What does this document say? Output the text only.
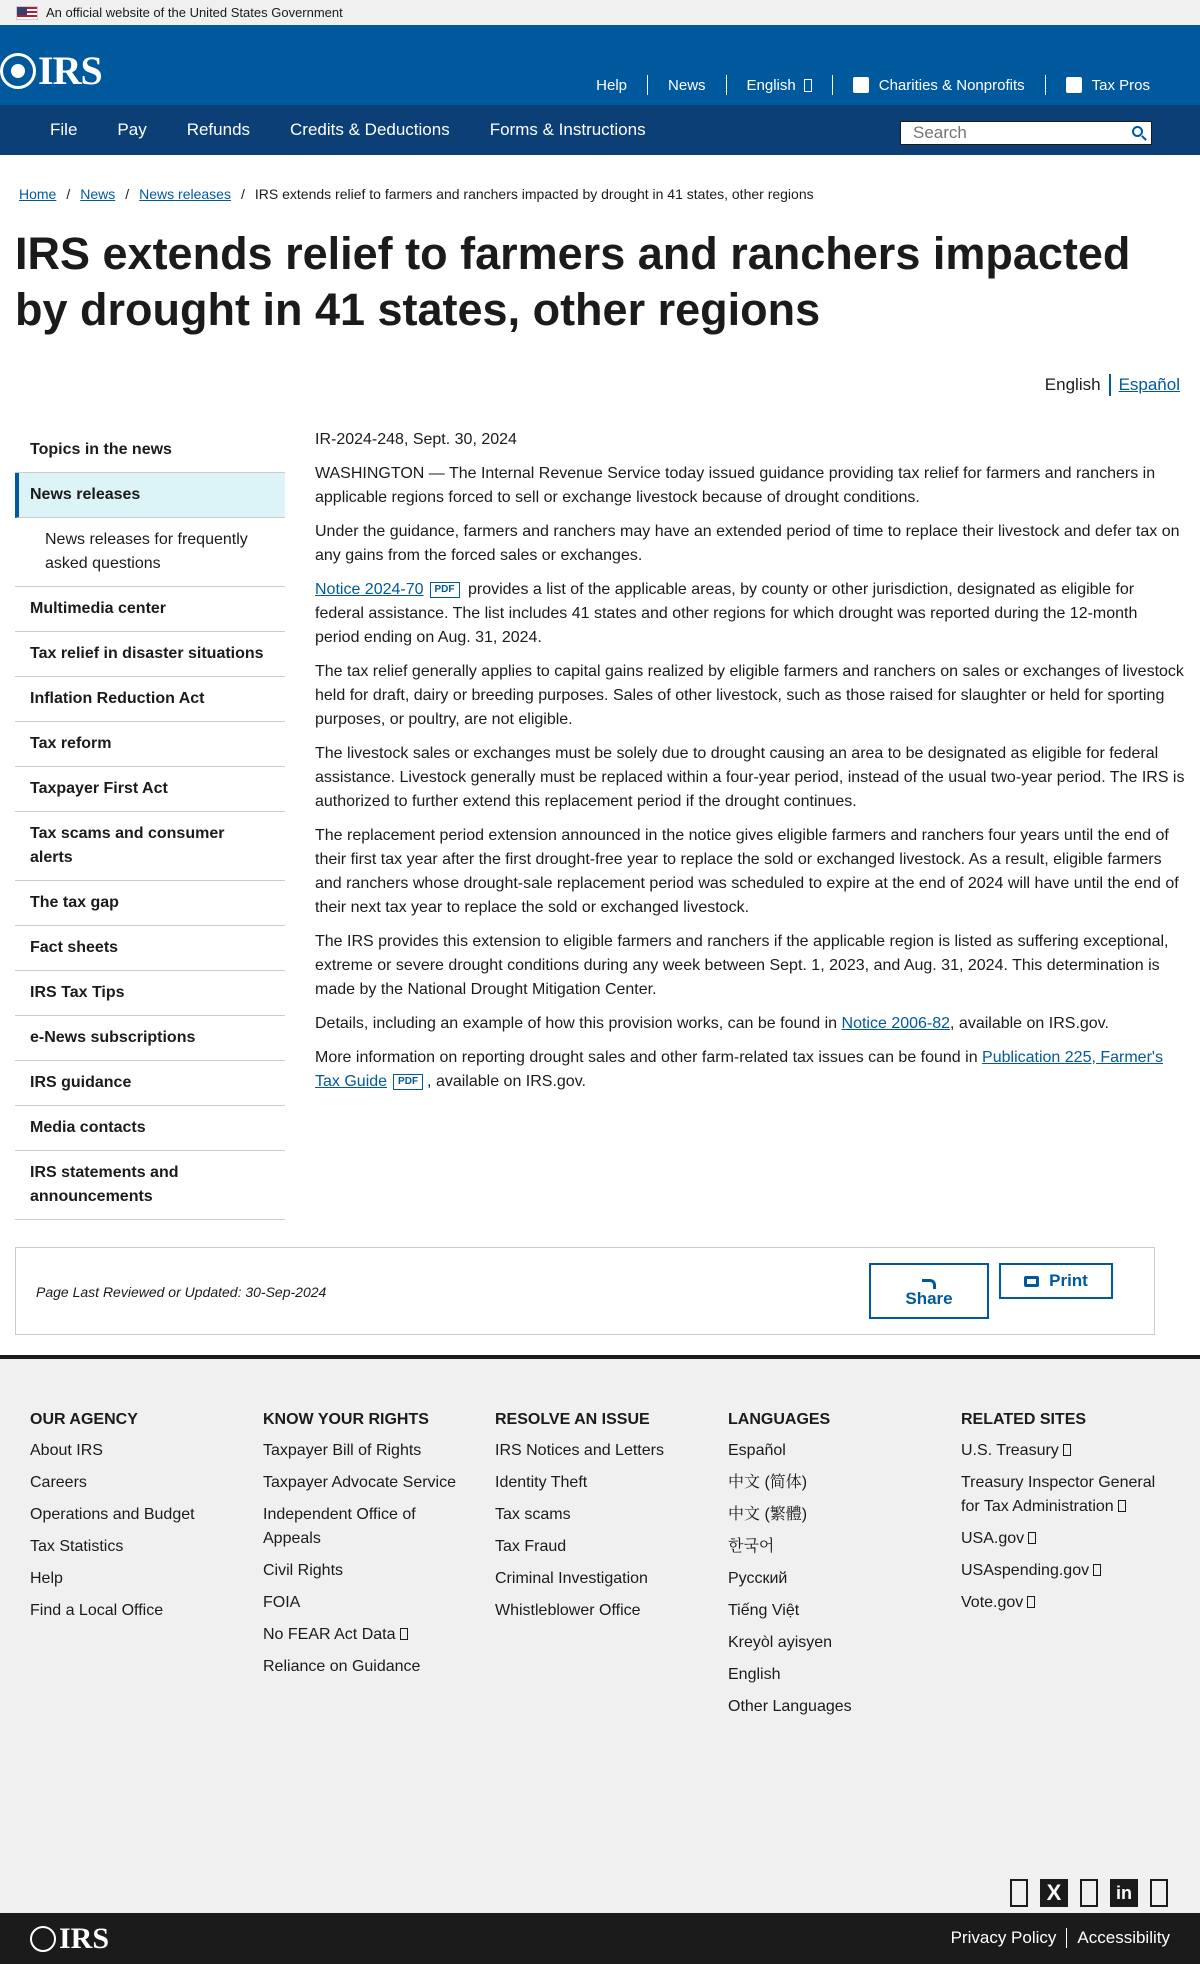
An official website of the United States Government
IRS	Help	News	English	Charities & Nonprofits	Tax Pros
File Pay Refunds Credits & Deductions Forms & Instructions
Search
Home / News / News releases / IRS extends relief to farmers and ranchers impacted by drought in 41 states, other regions
IRS extends relief to farmers and ranchers impacted by drought in 41 states, other regions
English Español
Topics in the news
News releases
News releases for frequently asked questions
Multimedia center
Tax relief in disaster situations
Inflation Reduction Act
Tax reform
Taxpayer First Act
Tax scams and consumer alerts
The tax gap
Fact sheets
IRS Tax Tips
e-News subscriptions
IRS guidance
Media contacts
IRS statements and announcements

IR-2024-248, Sept. 30, 2024

WASHINGTON — The Internal Revenue Service today issued guidance providing tax relief for farmers and ranchers in applicable regions forced to sell or exchange livestock because of drought conditions.

Under the guidance, farmers and ranchers may have an extended period of time to replace their livestock and defer tax on any gains from the forced sales or exchanges.

Notice 2024-70 PDF provides a list of the applicable areas, by county or other jurisdiction, designated as eligible for federal assistance. The list includes 41 states and other regions for which drought was reported during the 12-month period ending on Aug. 31, 2024.

The tax relief generally applies to capital gains realized by eligible farmers and ranchers on sales or exchanges of livestock held for draft, dairy or breeding purposes. Sales of other livestock, such as those raised for slaughter or held for sporting purposes, or poultry, are not eligible.

The livestock sales or exchanges must be solely due to drought causing an area to be designated as eligible for federal assistance. Livestock generally must be replaced within a four-year period, instead of the usual two-year period. The IRS is authorized to further extend this replacement period if the drought continues.

The replacement period extension announced in the notice gives eligible farmers and ranchers four years until the end of their first tax year after the first drought-free year to replace the sold or exchanged livestock. As a result, eligible farmers and ranchers whose drought-sale replacement period was scheduled to expire at the end of 2024 will have until the end of their next tax year to replace the sold or exchanged livestock.

The IRS provides this extension to eligible farmers and ranchers if the applicable region is listed as suffering exceptional, extreme or severe drought conditions during any week between Sept. 1, 2023, and Aug. 31, 2024. This determination is made by the National Drought Mitigation Center.

Details, including an example of how this provision works, can be found in Notice 2006-82, available on IRS.gov.

More information on reporting drought sales and other farm-related tax issues can be found in Publication 225, Farmer's Tax Guide PDF , available on IRS.gov.

Page Last Reviewed or Updated: 30-Sep-2024	Share
Print
OUR AGENCY
About IRS
Careers
Operations and Budget
Tax Statistics
Help
Find a Local Office
KNOW YOUR RIGHTS
Taxpayer Bill of Rights
Taxpayer Advocate Service
Independent Office of Appeals
Civil Rights
FOIA
No FEAR Act Data
Reliance on Guidance
RESOLVE AN ISSUE
IRS Notices and Letters
Identity Theft
Tax scams
Tax Fraud
Criminal Investigation
Whistleblower Office
LANGUAGES
Español
中文 (简体)
中文 (繁體)
한국어
Русский
Tiếng Việt
Kreyòl ayisyen
English
Other Languages
RELATED SITES
U.S. Treasury
Treasury Inspector General for Tax Administration
USA.gov
USAspending.gov
Vote.gov
X	in
IRS	Privacy Policy Accessibility
